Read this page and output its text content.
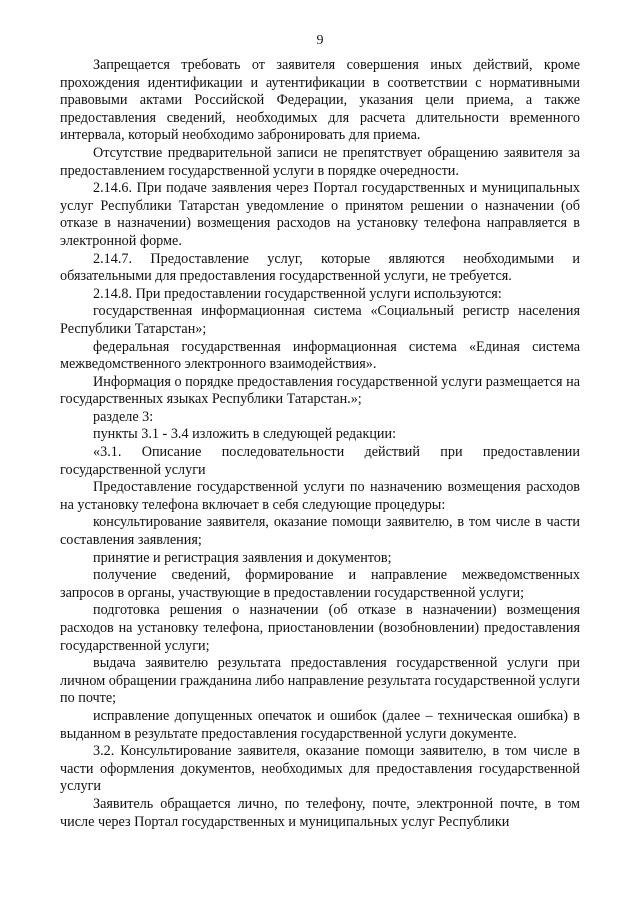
9

Запрещается требовать от заявителя совершения иных действий, кроме прохождения идентификации и аутентификации в соответствии с нормативными правовыми актами Российской Федерации, указания цели приема, а также предоставления сведений, необходимых для расчета длительности временного интервала, который необходимо забронировать для приема.

Отсутствие предварительной записи не препятствует обращению заявителя за предоставлением государственной услуги в порядке очередности.

2.14.6. При подаче заявления через Портал государственных и муниципальных услуг Республики Татарстан уведомление о принятом решении о назначении (об отказе в назначении) возмещения расходов на установку телефона направляется в электронной форме.

2.14.7. Предоставление услуг, которые являются необходимыми и обязательными для предоставления государственной услуги, не требуется.

2.14.8. При предоставлении государственной услуги используются:

государственная информационная система «Социальный регистр населения Республики Татарстан»;

федеральная государственная информационная система «Единая система межведомственного электронного взаимодействия».

Информация о порядке предоставления государственной услуги размещается на государственных языках Республики Татарстан.»;

разделе 3:

пункты 3.1 - 3.4 изложить в следующей редакции:

«3.1. Описание последовательности действий при предоставлении государственной услуги

Предоставление государственной услуги по назначению возмещения расходов на установку телефона включает в себя следующие процедуры:

консультирование заявителя, оказание помощи заявителю, в том числе в части составления заявления;

принятие и регистрация заявления и документов;

получение сведений, формирование и направление межведомственных запросов в органы, участвующие в предоставлении государственной услуги;

подготовка решения о назначении (об отказе в назначении) возмещения расходов на установку телефона, приостановлении (возобновлении) предоставления государственной услуги;

выдача заявителю результата предоставления государственной услуги при личном обращении гражданина либо направление результата государственной услуги по почте;

исправление допущенных опечаток и ошибок (далее – техническая ошибка) в выданном в результате предоставления государственной услуги документе.

3.2. Консультирование заявителя, оказание помощи заявителю, в том числе в части оформления документов, необходимых для предоставления государственной услуги

Заявитель обращается лично, по телефону, почте, электронной почте, в том числе через Портал государственных и муниципальных услуг Республики
